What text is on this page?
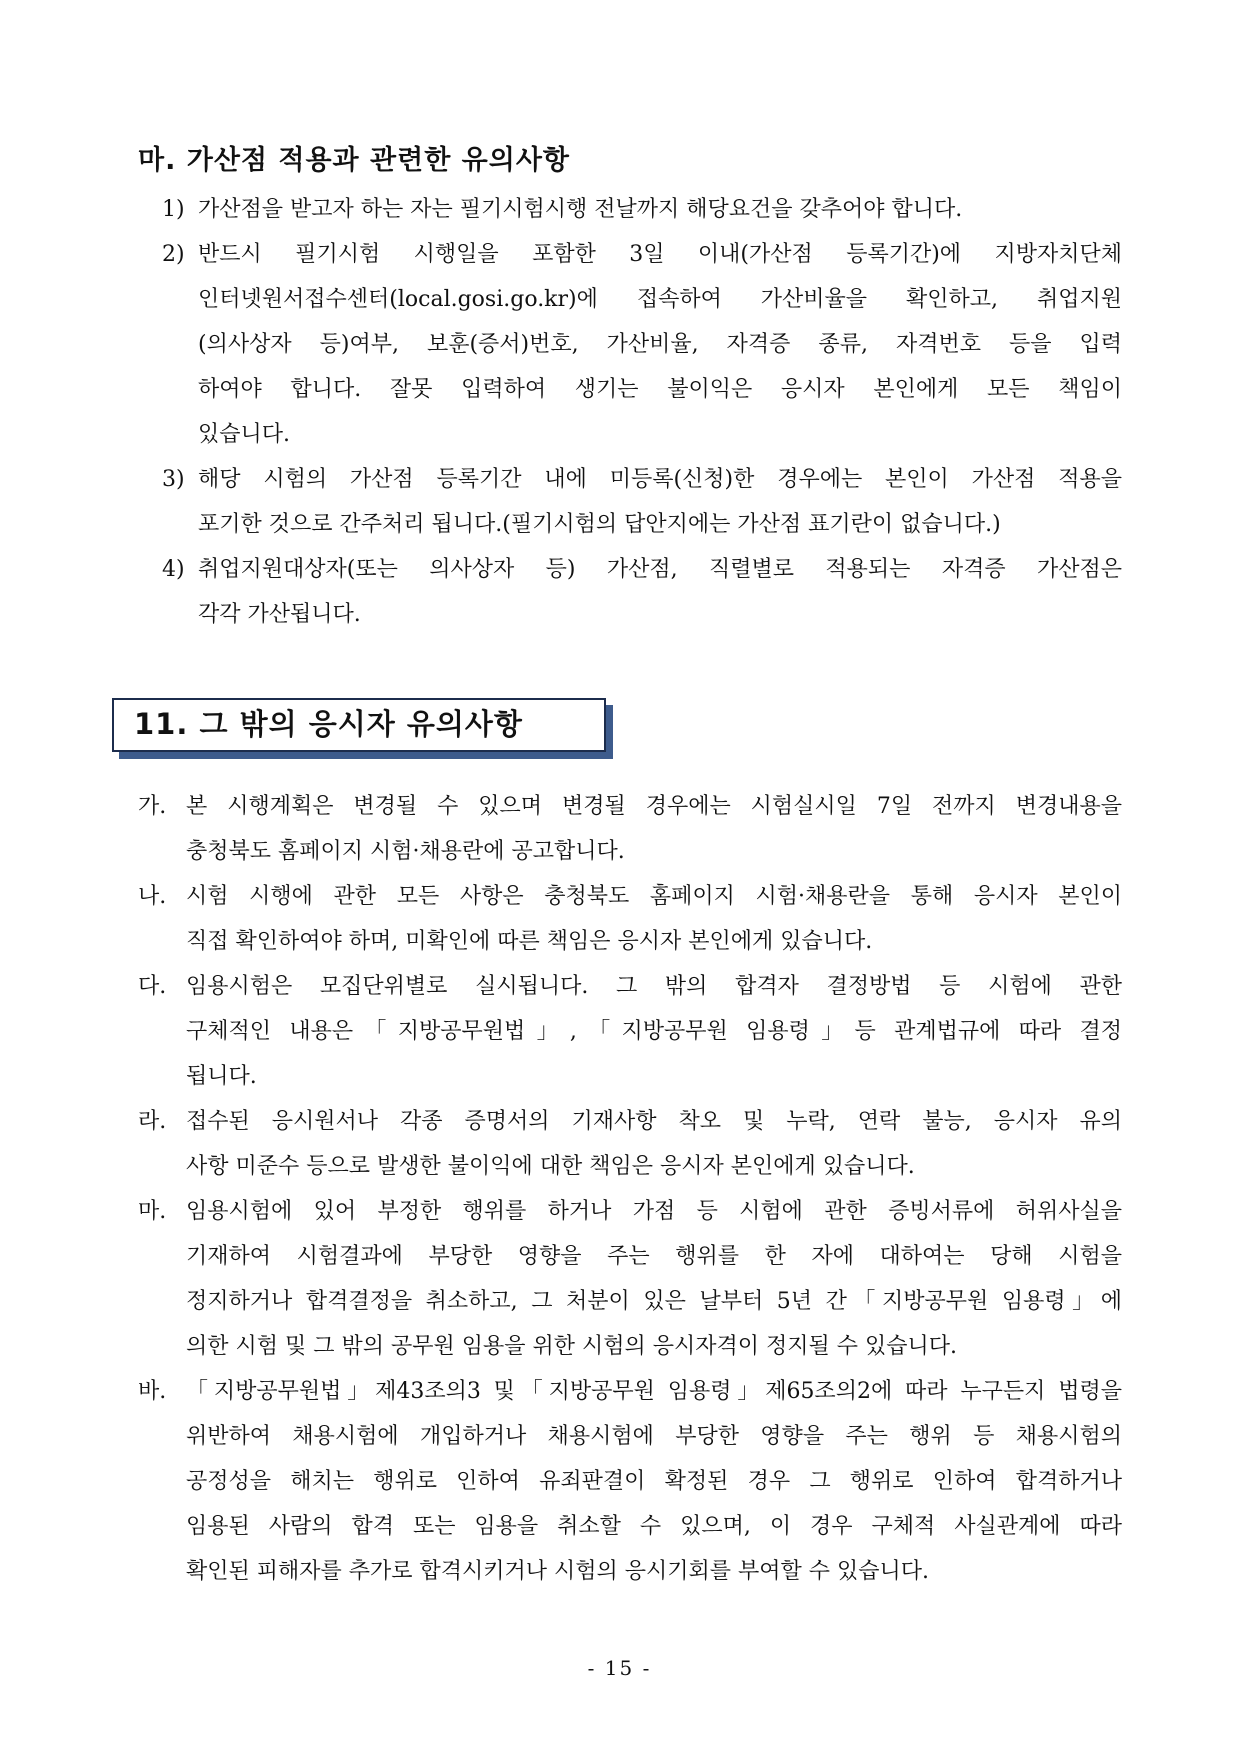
마. 가산점 적용과 관련한 유의사항
1) 가산점을 받고자 하는 자는 필기시험시행 전날까지 해당요건을 갖추어야 합니다.
2) 반드시 필기시험 시행일을 포함한 3일 이내(가산점 등록기간)에 지방자치단체
인터넷원서접수센터(local.gosi.go.kr)에 접속하여 가산비율을 확인하고, 취업지원
(의사상자 등)여부, 보훈(증서)번호, 가산비율, 자격증 종류, 자격번호 등을 입력
하여야 합니다. 잘못 입력하여 생기는 불이익은 응시자 본인에게 모든 책임이
있습니다.
3) 해당 시험의 가산점 등록기간 내에 미등록(신청)한 경우에는 본인이 가산점 적용을
포기한 것으로 간주처리 됩니다.(필기시험의 답안지에는 가산점 표기란이 없습니다.)
4) 취업지원대상자(또는 의사상자 등) 가산점, 직렬별로 적용되는 자격증 가산점은
각각 가산됩니다.
11. 그 밖의 응시자 유의사항
가. 본 시행계획은 변경될 수 있으며 변경될 경우에는 시험실시일 7일 전까지 변경내용을
충청북도 홈페이지 시험·채용란에 공고합니다.
나. 시험 시행에 관한 모든 사항은 충청북도 홈페이지 시험·채용란을 통해 응시자 본인이
직접 확인하여야 하며, 미확인에 따른 책임은 응시자 본인에게 있습니다.
다. 임용시험은 모집단위별로 실시됩니다. 그 밖의 합격자 결정방법 등 시험에 관한
구체적인 내용은「지방공무원법」,「지방공무원 임용령」등 관계법규에 따라 결정
됩니다.
라. 접수된 응시원서나 각종 증명서의 기재사항 착오 및 누락, 연락 불능, 응시자 유의
사항 미준수 등으로 발생한 불이익에 대한 책임은 응시자 본인에게 있습니다.
마. 임용시험에 있어 부정한 행위를 하거나 가점 등 시험에 관한 증빙서류에 허위사실을
기재하여 시험결과에 부당한 영향을 주는 행위를 한 자에 대하여는 당해 시험을
정지하거나 합격결정을 취소하고, 그 처분이 있은 날부터 5년 간「지방공무원 임용령」에
의한 시험 및 그 밖의 공무원 임용을 위한 시험의 응시자격이 정지될 수 있습니다.
바. 「지방공무원법」제43조의3 및「지방공무원 임용령」제65조의2에 따라 누구든지 법령을
위반하여 채용시험에 개입하거나 채용시험에 부당한 영향을 주는 행위 등 채용시험의
공정성을 해치는 행위로 인하여 유죄판결이 확정된 경우 그 행위로 인하여 합격하거나
임용된 사람의 합격 또는 임용을 취소할 수 있으며, 이 경우 구체적 사실관계에 따라
확인된 피해자를 추가로 합격시키거나 시험의 응시기회를 부여할 수 있습니다.
- 15 -
